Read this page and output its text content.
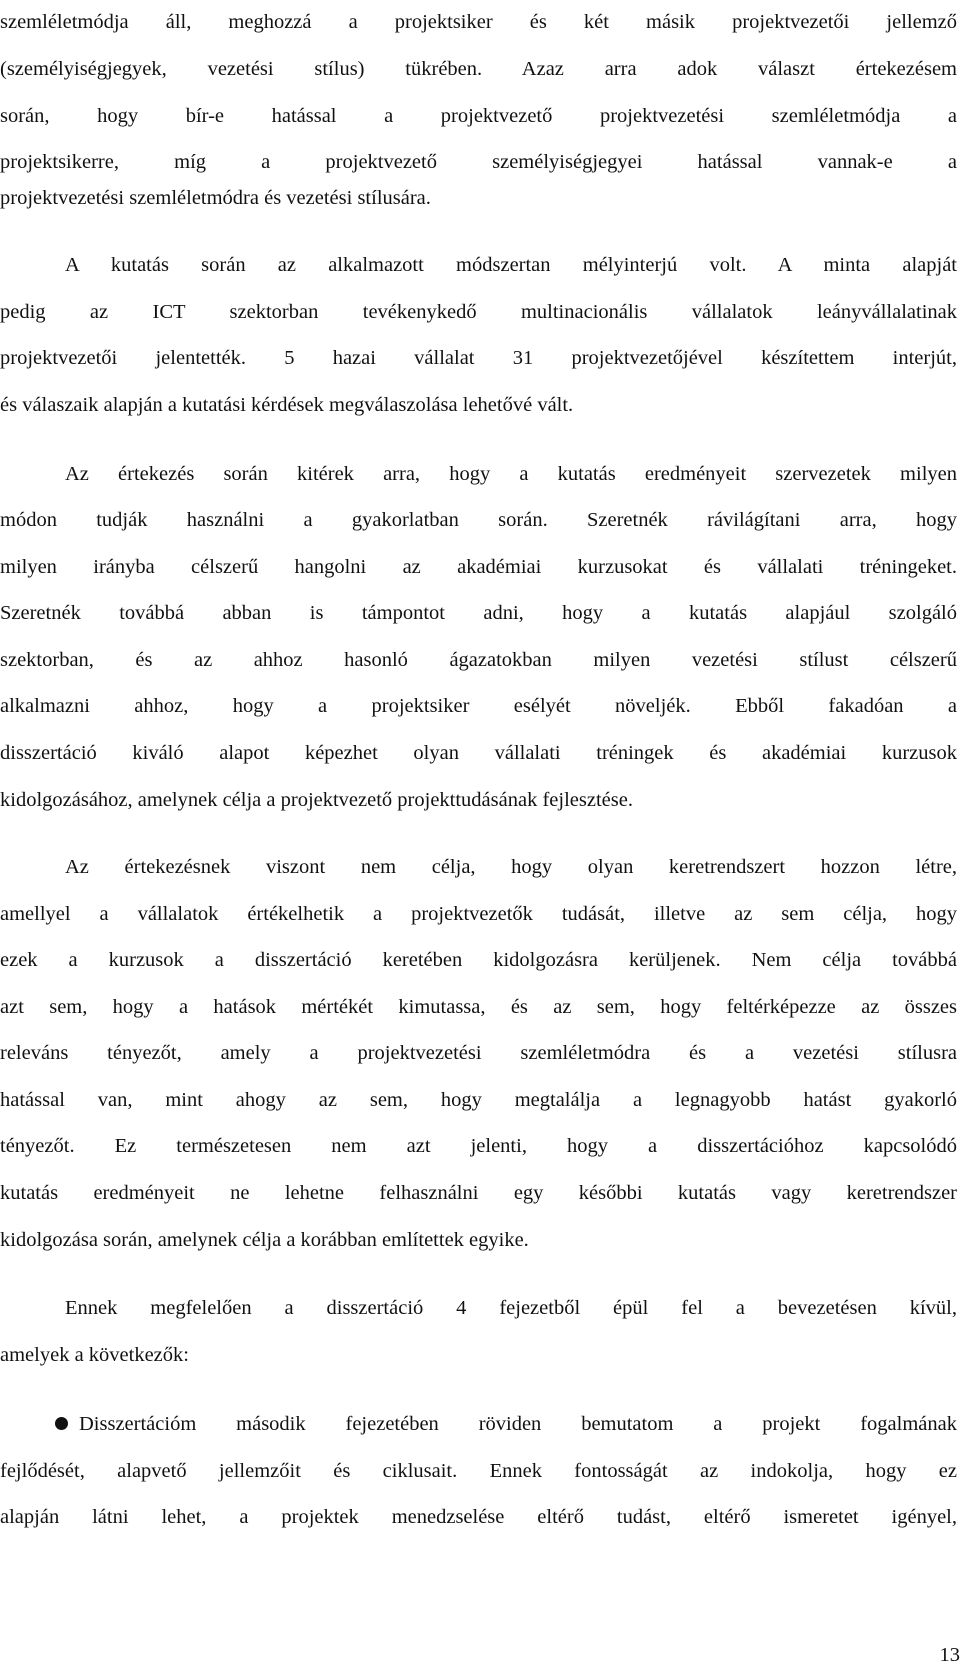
szemléletmódja áll, meghozzá a projektsiker és két másik projektvezetői jellemző
(személyiségjegyek, vezetési stílus) tükrében. Azaz arra adok választ értekezésem
során, hogy bír-e hatással a projektvezető projektvezetési szemléletmódja a
projektsikerre, míg a projektvezető személyiségjegyei hatással vannak-e a
projektvezetési szemléletmódra és vezetési stílusára.
A kutatás során az alkalmazott módszertan mélyinterjú volt. A minta alapját
pedig az ICT szektorban tevékenykedő multinacionális vállalatok leányvállalatinak
projektvezetői jelentették. 5 hazai vállalat 31 projektvezetőjével készítettem interjút,
és válaszaik alapján a kutatási kérdések megválaszolása lehetővé vált.
Az értekezés során kitérek arra, hogy a kutatás eredményeit szervezetek milyen
módon tudják használni a gyakorlatban során. Szeretnék rávilágítani arra, hogy
milyen irányba célszerű hangolni az akadémiai kurzusokat és vállalati tréningeket.
Szeretnék továbbá abban is támpontot adni, hogy a kutatás alapjául szolgáló
szektorban, és az ahhoz hasonló ágazatokban milyen vezetési stílust célszerű
alkalmazni ahhoz, hogy a projektsiker esélyét növeljék. Ebből fakadóan a
disszertáció kiváló alapot képezhet olyan vállalati tréningek és akadémiai kurzusok
kidolgozásához, amelynek célja a projektvezető projekttudásának fejlesztése.
Az értekezésnek viszont nem célja, hogy olyan keretrendszert hozzon létre,
amellyel a vállalatok értékelhetik a projektvezetők tudását, illetve az sem célja, hogy
ezek a kurzusok a disszertáció keretében kidolgozásra kerüljenek. Nem célja továbbá
azt sem, hogy a hatások mértékét kimutassa, és az sem, hogy feltérképezze az összes
releváns tényezőt, amely a projektvezetési szemléletmódra és a vezetési stílusra
hatással van, mint ahogy az sem, hogy megtalálja a legnagyobb hatást gyakorló
tényezőt. Ez természetesen nem azt jelenti, hogy a disszertációhoz kapcsolódó
kutatás eredményeit ne lehetne felhasználni egy későbbi kutatás vagy keretrendszer
kidolgozása során, amelynek célja a korábban említettek egyike.
Ennek megfelelően a disszertáció 4 fejezetből épül fel a bevezetésen kívül,
amelyek a következők:
Disszertációm második fejezetében röviden bemutatom a projekt fogalmának
fejlődését, alapvető jellemzőit és ciklusait. Ennek fontosságát az indokolja, hogy ez
alapján látni lehet, a projektek menedzselése eltérő tudást, eltérő ismeretet igényel,
13
